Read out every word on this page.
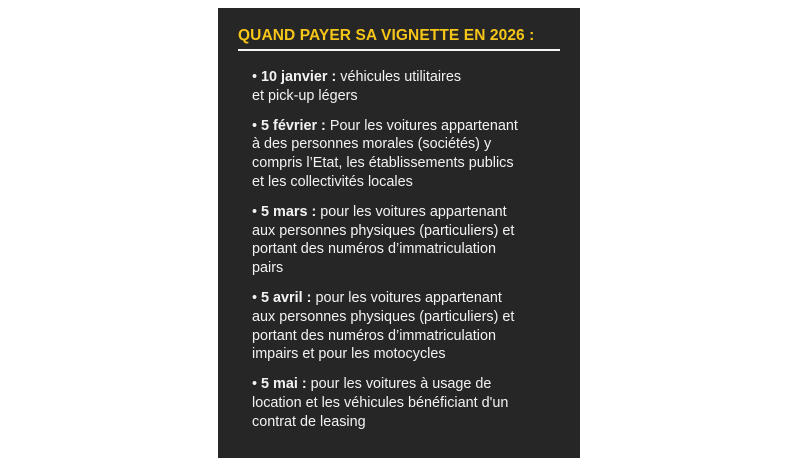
QUAND PAYER SA VIGNETTE EN 2026 :
• 10 janvier : véhicules utilitaires
et pick-up légers
• 5 février : Pour les voitures appartenant
à des personnes morales (sociétés) y
compris l’Etat, les établissements publics
et les collectivités locales
• 5 mars : pour les voitures appartenant
aux personnes physiques (particuliers) et
portant des numéros d’immatriculation
pairs
• 5 avril : pour les voitures appartenant
aux personnes physiques (particuliers) et
portant des numéros d’immatriculation
impairs et pour les motocycles
• 5 mai : pour les voitures à usage de
location et les véhicules bénéficiant d'un
contrat de leasing
